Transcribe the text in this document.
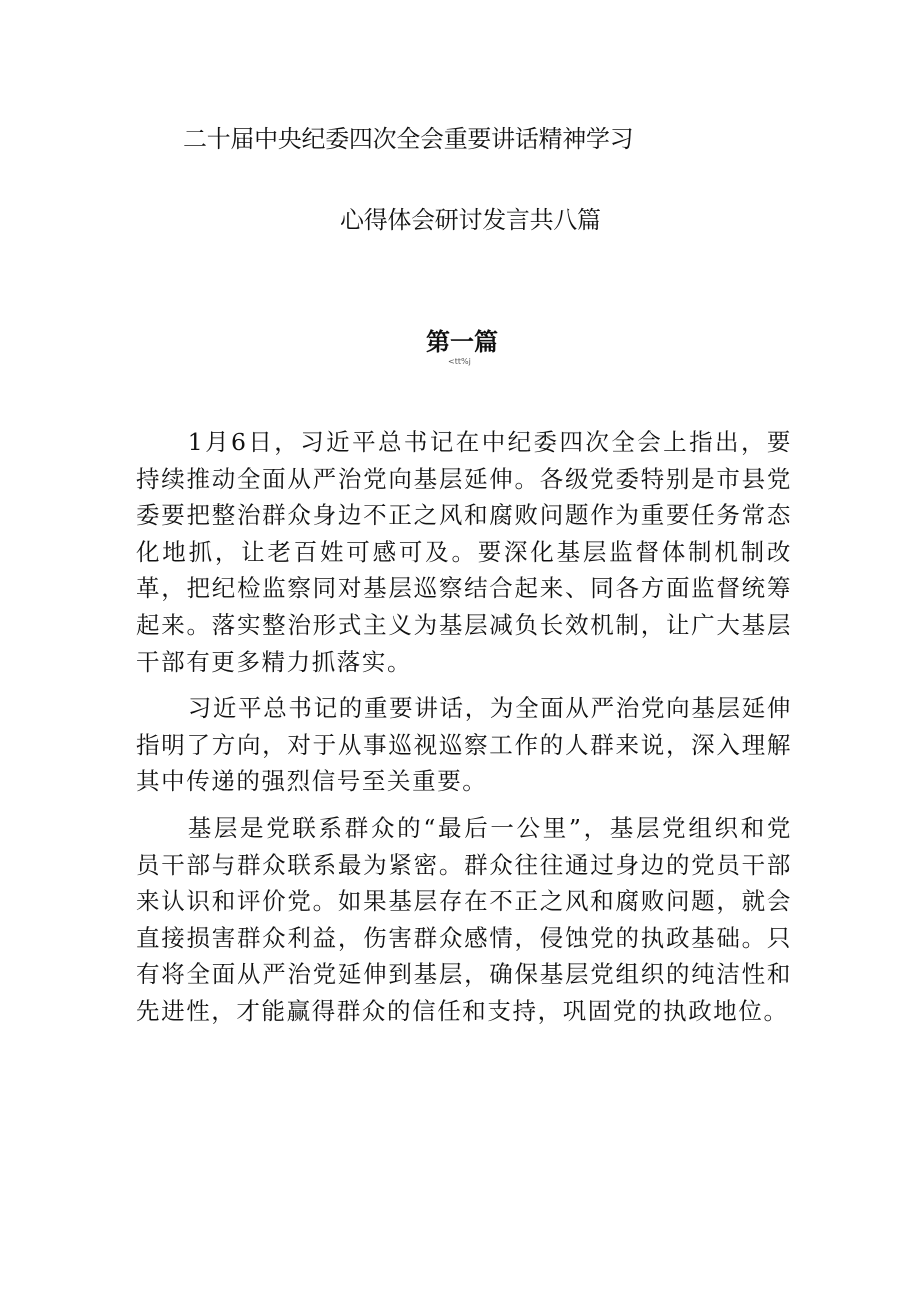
二十届中央纪委四次全会重要讲话精神学习
心得体会研讨发言共八篇
第一篇
<tt%j

1月6日，习近平总书记在中纪委四次全会上指出，要持续推动全面从严治党向基层延伸。各级党委特别是市县党委要把整治群众身边不正之风和腐败问题作为重要任务常态化地抓，让老百姓可感可及。要深化基层监督体制机制改革，把纪检监察同对基层巡察结合起来、同各方面监督统筹起来。落实整治形式主义为基层减负长效机制，让广大基层干部有更多精力抓落实。

习近平总书记的重要讲话，为全面从严治党向基层延伸指明了方向，对于从事巡视巡察工作的人群来说，深入理解其中传递的强烈信号至关重要。

基层是党联系群众的“最后一公里”，基层党组织和党员干部与群众联系最为紧密。群众往往通过身边的党员干部来认识和评价党。如果基层存在不正之风和腐败问题，就会直接损害群众利益，伤害群众感情，侵蚀党的执政基础。只有将全面从严治党延伸到基层，确保基层党组织的纯洁性和先进性，才能赢得群众的信任和支持，巩固党的执政地位。
